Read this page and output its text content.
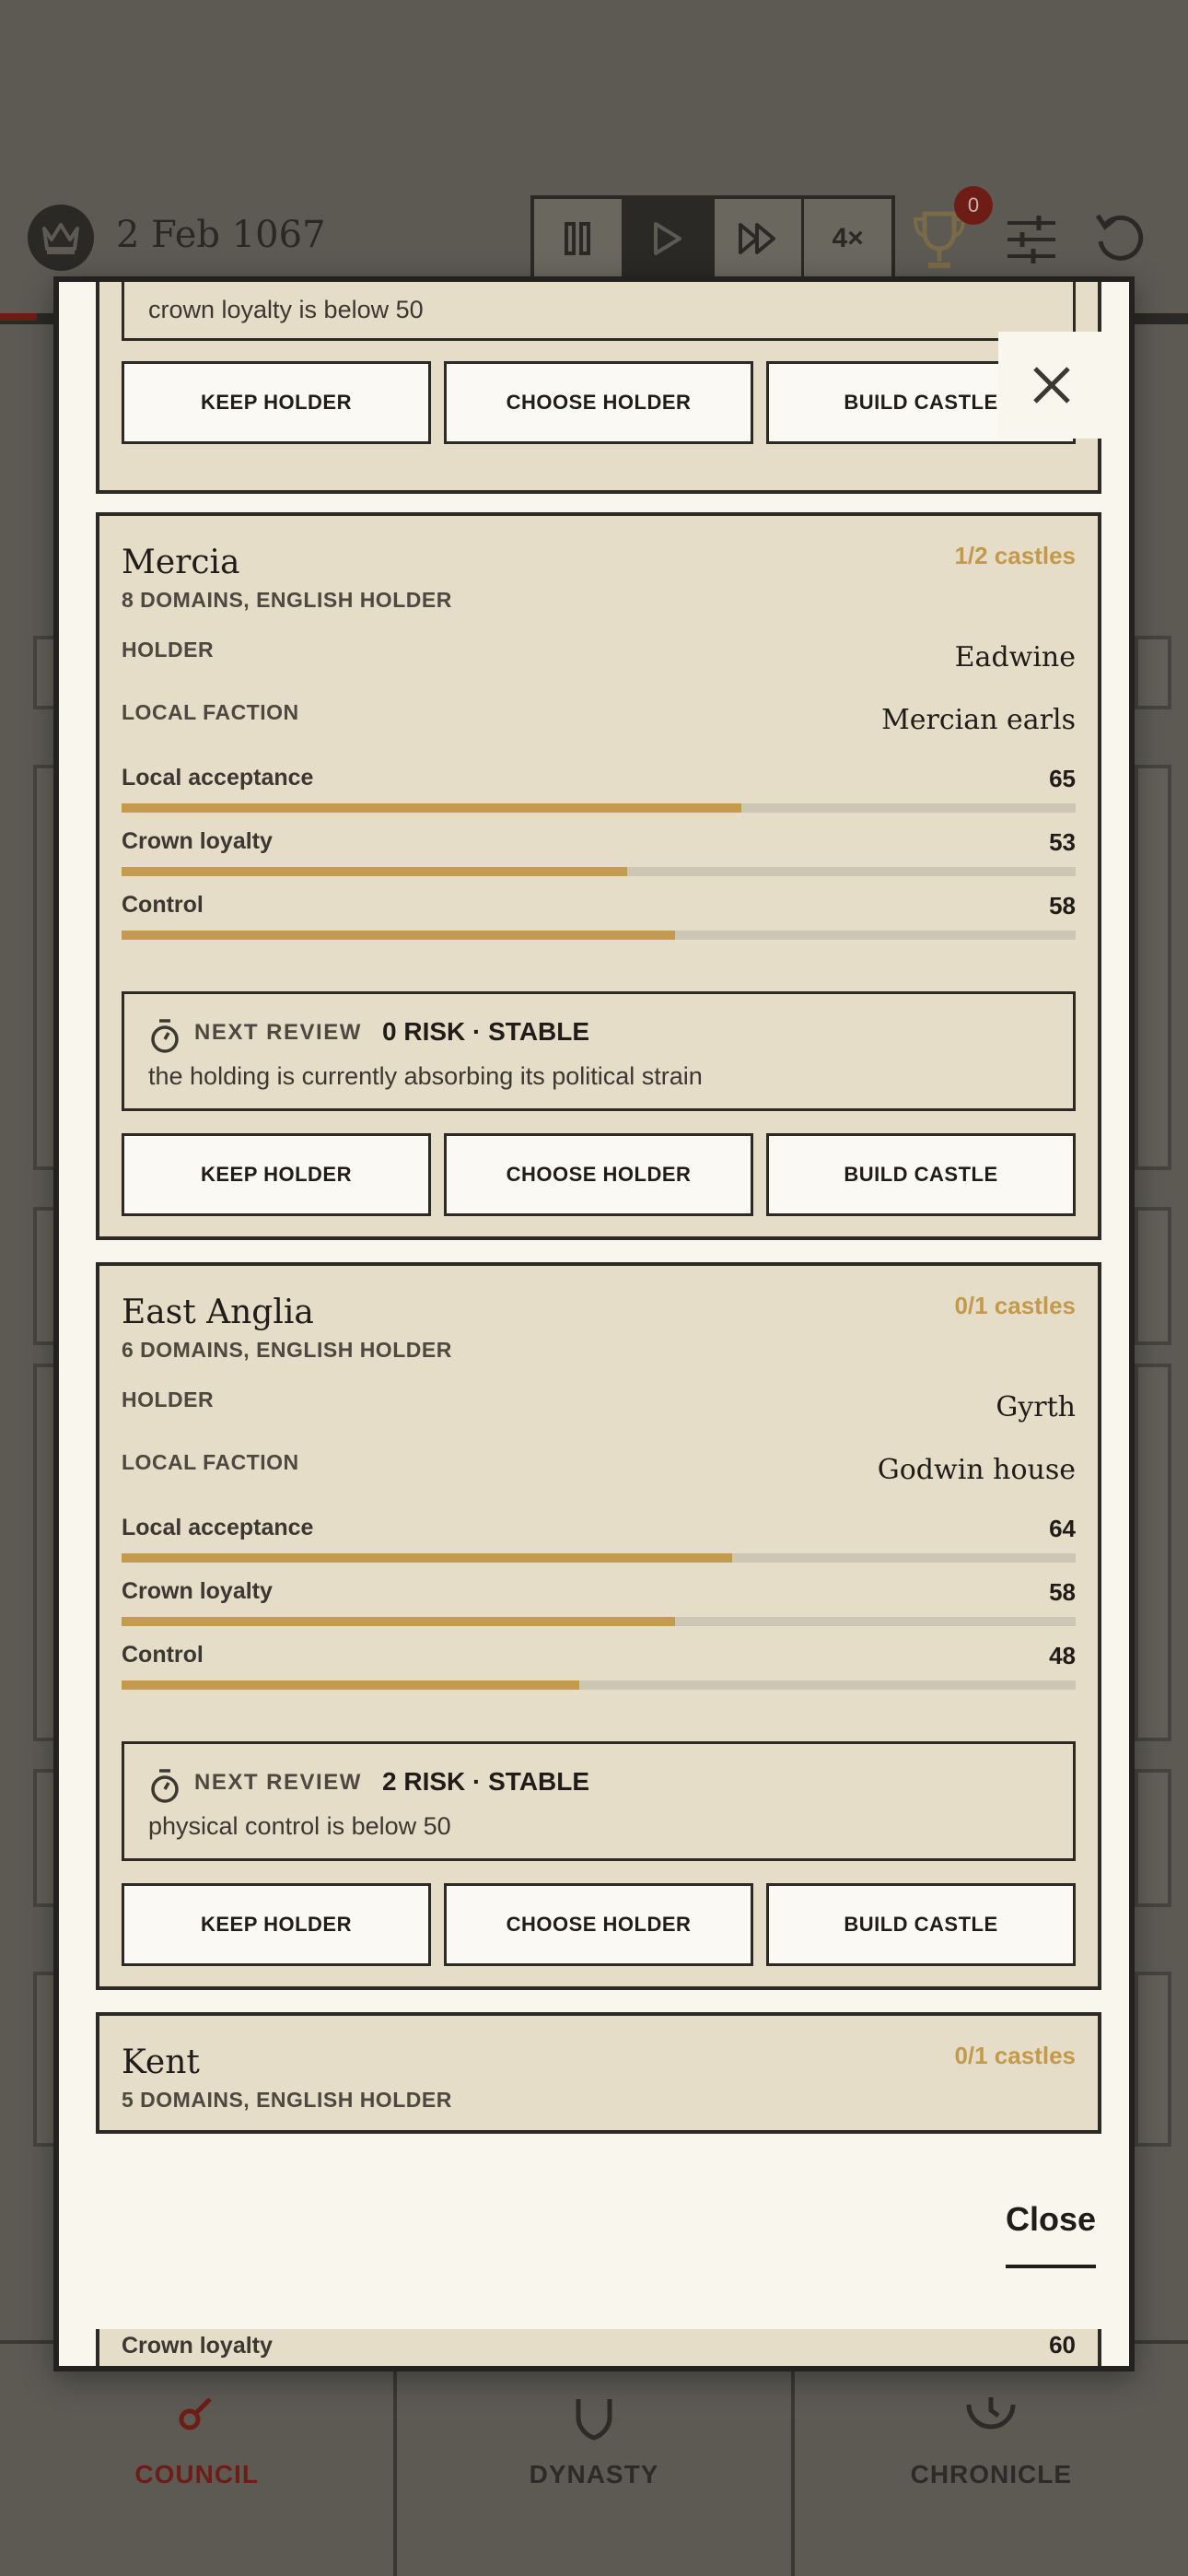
2 Feb 1067	4×
0
COUNCIL	DYNASTY	CHRONICLE
crown loyalty is below 50
KEEP HOLDER	CHOOSE HOLDER	BUILD CASTLE
Mercia
8 DOMAINS, ENGLISH HOLDER
1/2 castles
HOLDER	Eadwine
LOCAL FACTION	Mercian earls
Local acceptance	65
Crown loyalty	53
Control	58
NEXT REVIEW 0 RISK · STABLE
the holding is currently absorbing its political strain
KEEP HOLDER	CHOOSE HOLDER	BUILD CASTLE
East Anglia
6 DOMAINS, ENGLISH HOLDER
0/1 castles
HOLDER	Gyrth
LOCAL FACTION	Godwin house
Local acceptance	64
Crown loyalty	58
Control	48
NEXT REVIEW 2 RISK · STABLE
physical control is below 50
KEEP HOLDER	CHOOSE HOLDER	BUILD CASTLE
Kent
5 DOMAINS, ENGLISH HOLDER
0/1 castles
Close
Crown loyalty	60
